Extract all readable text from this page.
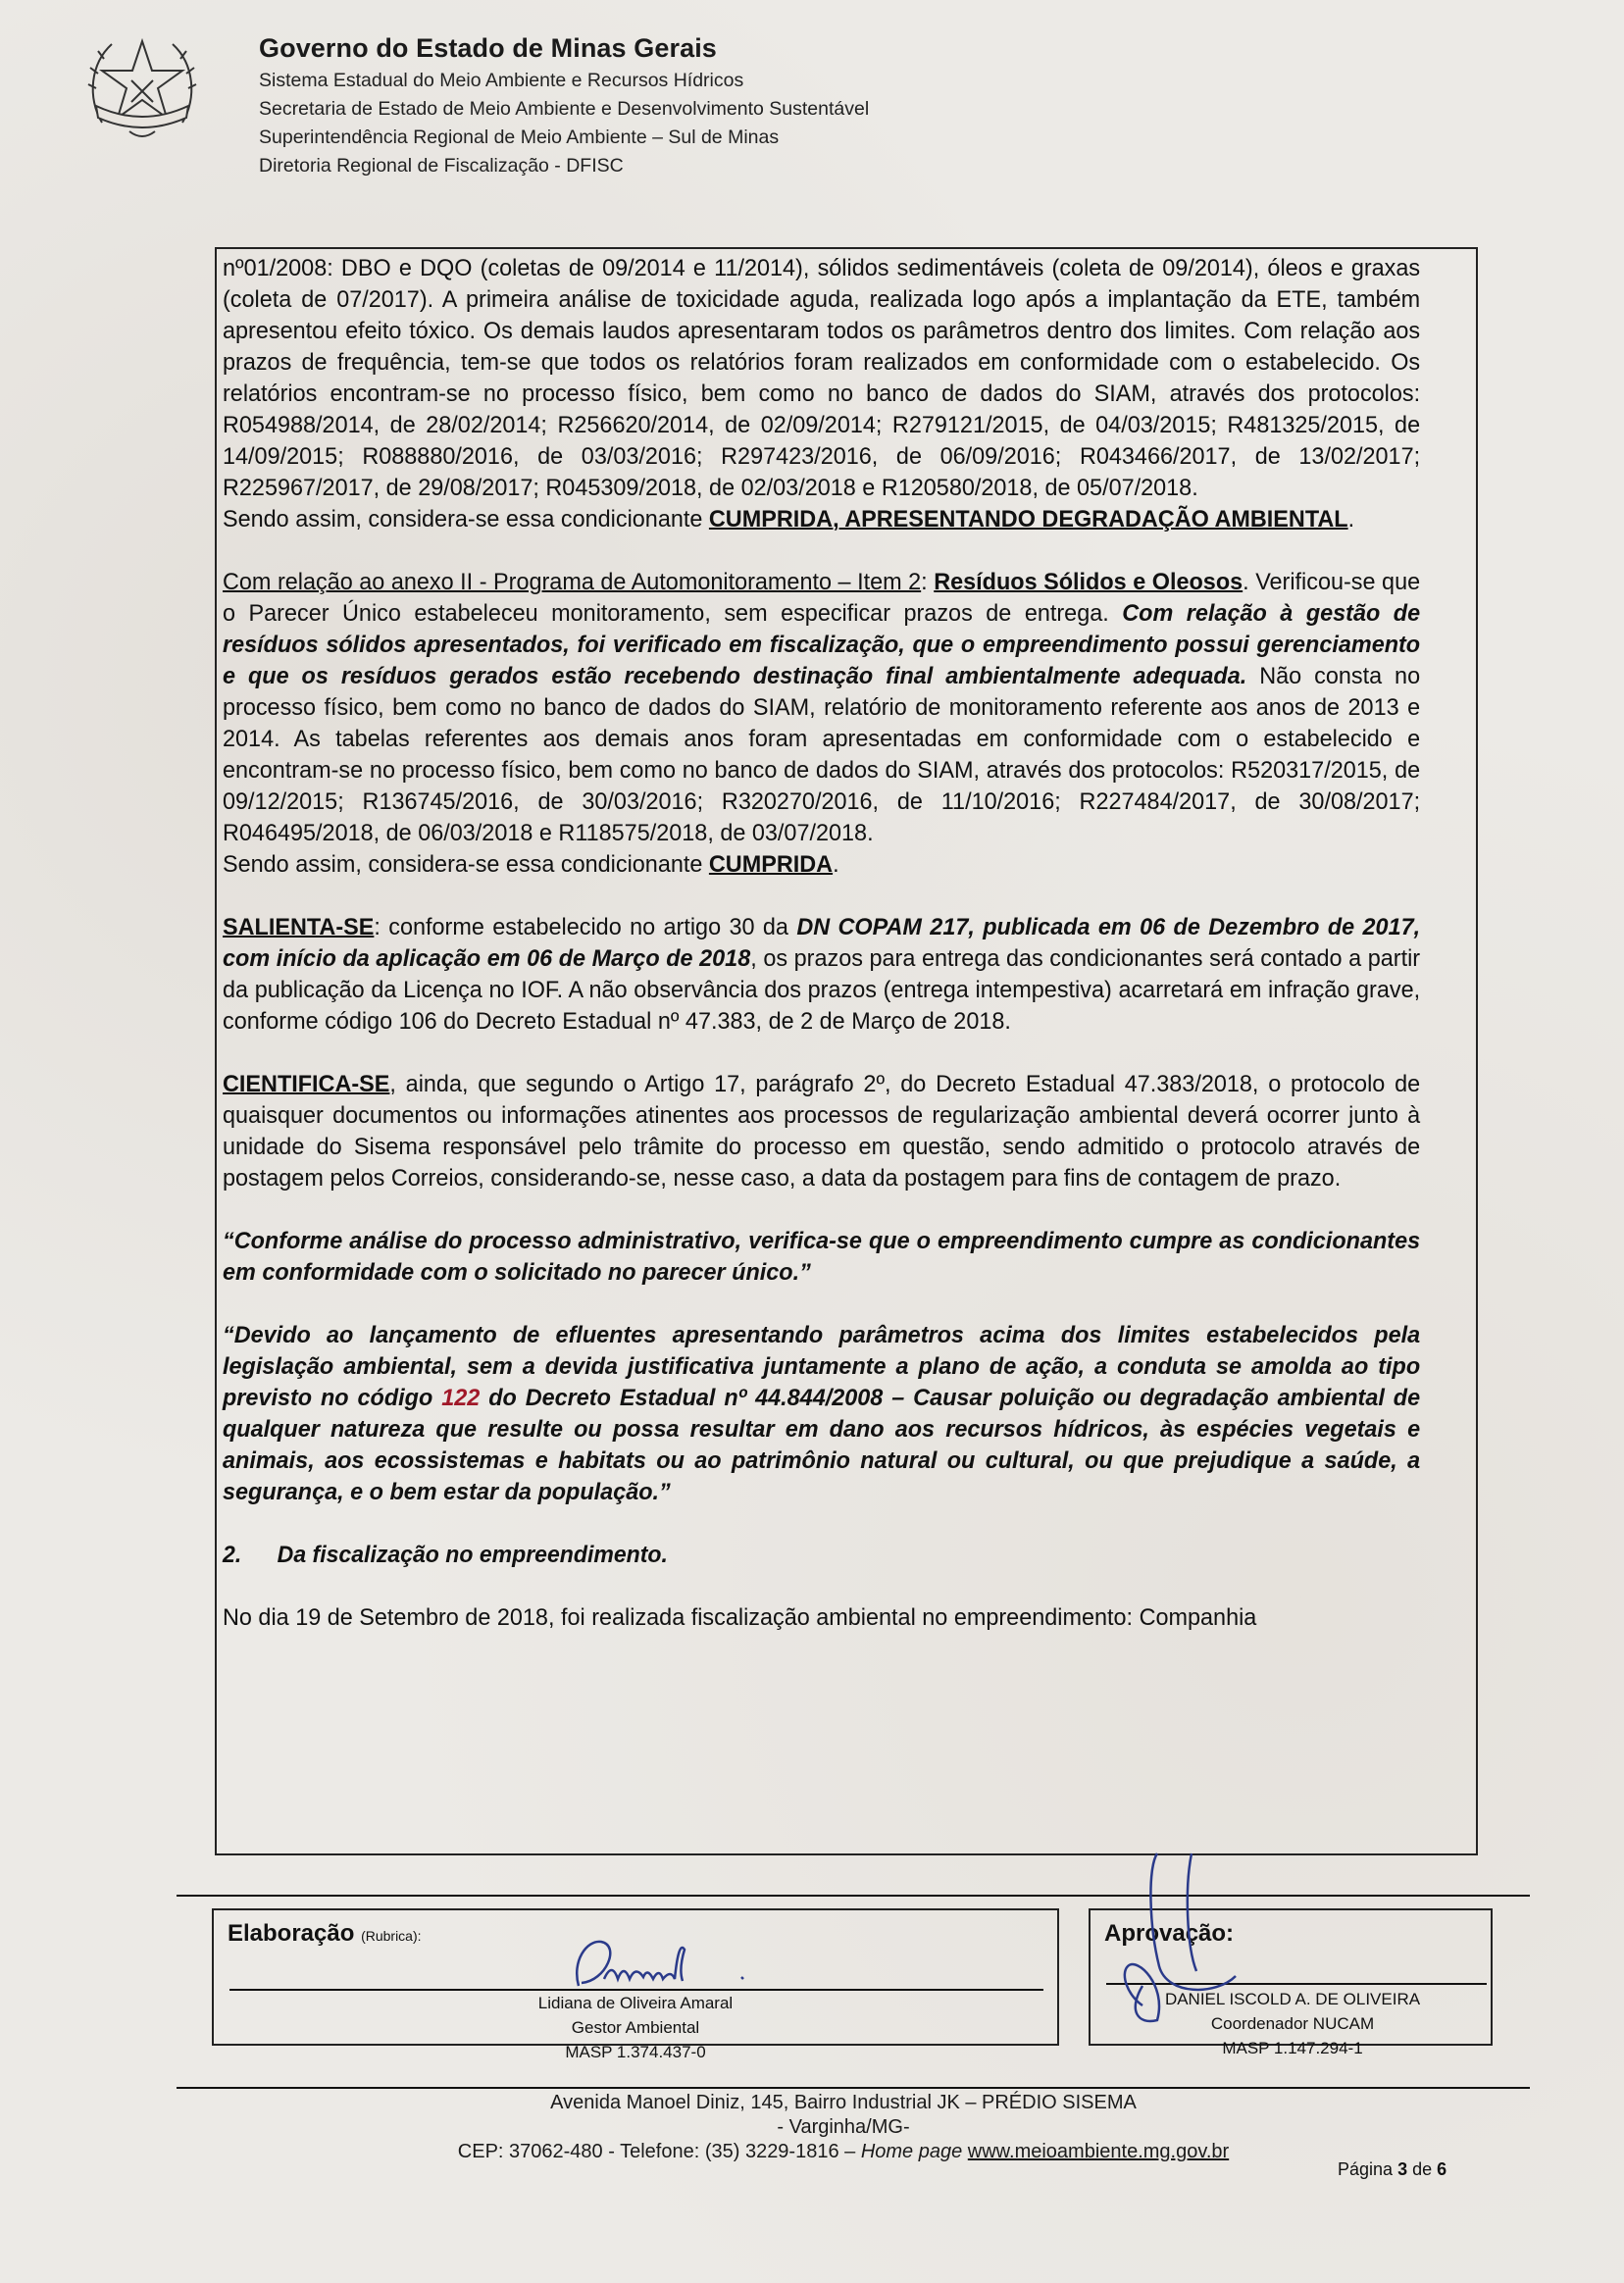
Governo do Estado de Minas Gerais
Sistema Estadual do Meio Ambiente e Recursos Hídricos
Secretaria de Estado de Meio Ambiente e Desenvolvimento Sustentável
Superintendência Regional de Meio Ambiente – Sul de Minas
Diretoria Regional de Fiscalização - DFISC

nº01/2008: DBO e DQO (coletas de 09/2014 e 11/2014), sólidos sedimentáveis (coleta de 09/2014), óleos e graxas (coleta de 07/2017). A primeira análise de toxicidade aguda, realizada logo após a implantação da ETE, também apresentou efeito tóxico. Os demais laudos apresentaram todos os parâmetros dentro dos limites. Com relação aos prazos de frequência, tem-se que todos os relatórios foram realizados em conformidade com o estabelecido. Os relatórios encontram-se no processo físico, bem como no banco de dados do SIAM, através dos protocolos: R054988/2014, de 28/02/2014; R256620/2014, de 02/09/2014; R279121/2015, de 04/03/2015; R481325/2015, de 14/09/2015; R088880/2016, de 03/03/2016; R297423/2016, de 06/09/2016; R043466/2017, de 13/02/2017; R225967/2017, de 29/08/2017; R045309/2018, de 02/03/2018 e R120580/2018, de 05/07/2018.

Sendo assim, considera-se essa condicionante CUMPRIDA, APRESENTANDO DEGRADAÇÃO AMBIENTAL.

Com relação ao anexo II - Programa de Automonitoramento – Item 2: Resíduos Sólidos e Oleosos. Verificou-se que o Parecer Único estabeleceu monitoramento, sem especificar prazos de entrega. Com relação à gestão de resíduos sólidos apresentados, foi verificado em fiscalização, que o empreendimento possui gerenciamento e que os resíduos gerados estão recebendo destinação final ambientalmente adequada. Não consta no processo físico, bem como no banco de dados do SIAM, relatório de monitoramento referente aos anos de 2013 e 2014. As tabelas referentes aos demais anos foram apresentadas em conformidade com o estabelecido e encontram-se no processo físico, bem como no banco de dados do SIAM, através dos protocolos: R520317/2015, de 09/12/2015; R136745/2016, de 30/03/2016; R320270/2016, de 11/10/2016; R227484/2017, de 30/08/2017; R046495/2018, de 06/03/2018 e R118575/2018, de 03/07/2018.

Sendo assim, considera-se essa condicionante CUMPRIDA.

SALIENTA-SE: conforme estabelecido no artigo 30 da DN COPAM 217, publicada em 06 de Dezembro de 2017, com início da aplicação em 06 de Março de 2018, os prazos para entrega das condicionantes será contado a partir da publicação da Licença no IOF. A não observância dos prazos (entrega intempestiva) acarretará em infração grave, conforme código 106 do Decreto Estadual nº 47.383, de 2 de Março de 2018.

CIENTIFICA-SE, ainda, que segundo o Artigo 17, parágrafo 2º, do Decreto Estadual 47.383/2018, o protocolo de quaisquer documentos ou informações atinentes aos processos de regularização ambiental deverá ocorrer junto à unidade do Sisema responsável pelo trâmite do processo em questão, sendo admitido o protocolo através de postagem pelos Correios, considerando-se, nesse caso, a data da postagem para fins de contagem de prazo.

“Conforme análise do processo administrativo, verifica-se que o empreendimento cumpre as condicionantes em conformidade com o solicitado no parecer único.”

“Devido ao lançamento de efluentes apresentando parâmetros acima dos limites estabelecidos pela legislação ambiental, sem a devida justificativa juntamente a plano de ação, a conduta se amolda ao tipo previsto no código 122 do Decreto Estadual nº 44.844/2008 – Causar poluição ou degradação ambiental de qualquer natureza que resulte ou possa resultar em dano aos recursos hídricos, às espécies vegetais e animais, aos ecossistemas e habitats ou ao patrimônio natural ou cultural, ou que prejudique a saúde, a segurança, e o bem estar da população.”

2. Da fiscalização no empreendimento.

No dia 19 de Setembro de 2018, foi realizada fiscalização ambiental no empreendimento: Companhia

Elaboração (Rubrica):
Lidiana de Oliveira Amaral
Gestor Ambiental
MASP 1.374.437-0
Aprovação:
DANIEL ISCOLD A. DE OLIVEIRA
Coordenador NUCAM
MASP 1.147.294-1
Avenida Manoel Diniz, 145, Bairro Industrial JK – PRÉDIO SISEMA
- Varginha/MG-
CEP: 37062-480 - Telefone: (35) 3229-1816 – Home page www.meioambiente.mg.gov.br
Página 3 de 6
